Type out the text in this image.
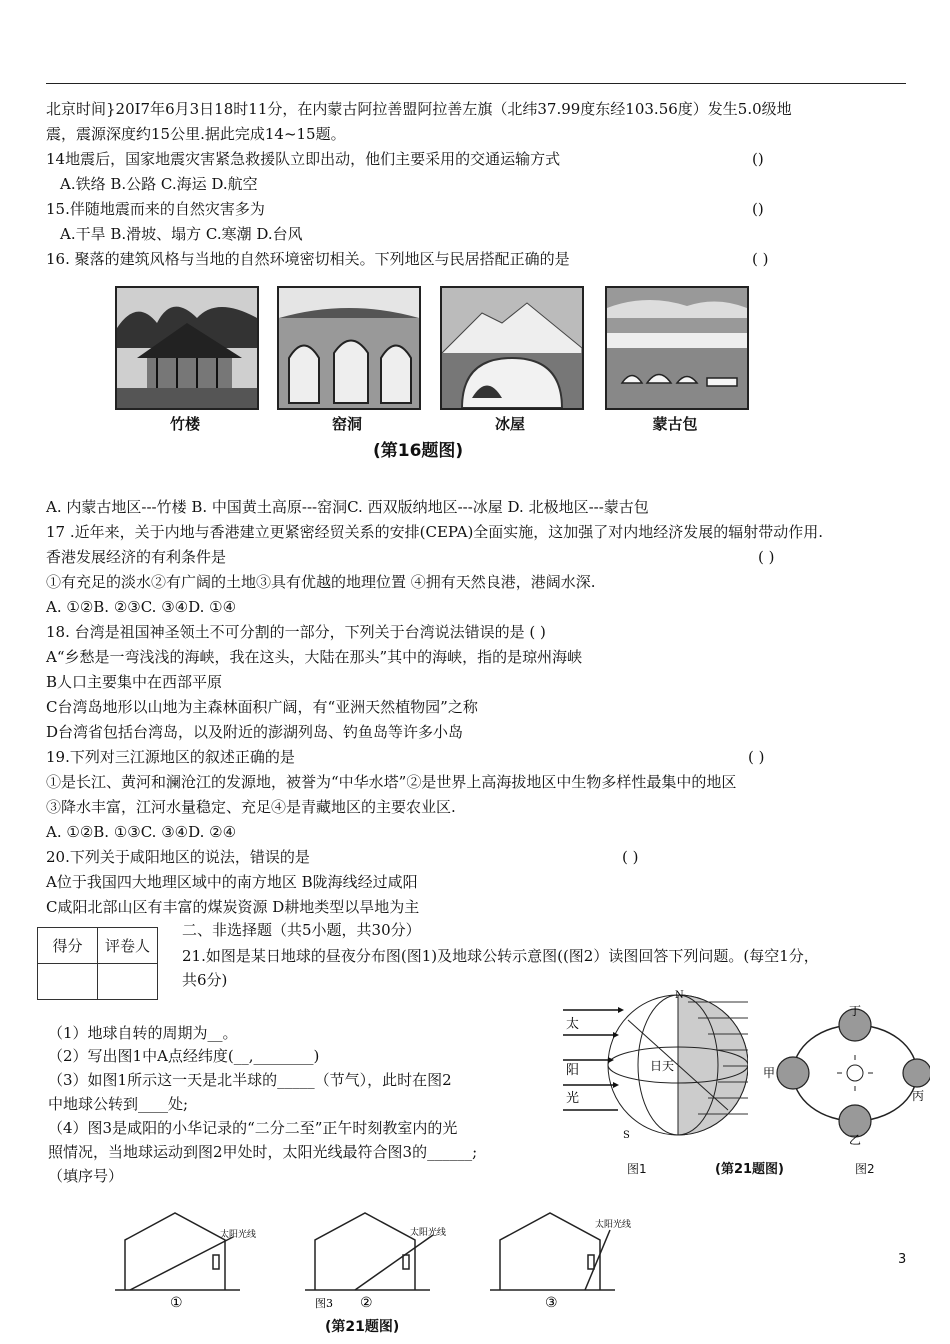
北京时间}20I7年6月3日18时11分，在内蒙古阿拉善盟阿拉善左旗（北纬37.99度东经103.56度）发生5.0级地
震，震源深度约15公里.据此完成14~15题。
14地震后，国家地震灾害紧急救援队立即出动，他们主要采用的交通运输方式	()
A.铁络 B.公路 C.海运 D.航空
15.伴随地震而来的自然灾害多为	()
A.干旱 B.滑坡、塌方 C.寒潮 D.台风
16. 聚落的建筑风格与当地的自然环境密切相关。下列地区与民居搭配正确的是	( )
竹楼	窑洞	冰屋	蒙古包
(第16题图)
A. 内蒙古地区---竹楼 B. 中国黄土高原---窑洞C. 西双版纳地区---冰屋 D. 北极地区---蒙古包
17 .近年来，关于内地与香港建立更紧密经贸关系的安排(CEPA)全面实施，这加强了对内地经济发展的辐射带动作用.
香港发展经济的有利条件是	( )
①有充足的淡水②有广阔的土地③具有优越的地理位置 ④拥有天然良港，港阔水深.
A. ①②B. ②③C. ③④D. ①④
18. 台湾是祖国神圣领土不可分割的一部分，下列关于台湾说法错误的是 ( )
A“乡愁是一弯浅浅的海峡，我在这头，大陆在那头”其中的海峡，指的是琼州海峡
B人口主要集中在西部平原
C台湾岛地形以山地为主森林面积广阔，有“亚洲天然植物园”之称
D台湾省包括台湾岛，以及附近的澎湖列岛、钓鱼岛等许多小岛
19.下列对三江源地区的叙述正确的是	( )
①是长江、黄河和澜沧江的发源地，被誉为“中华水塔”②是世界上高海拔地区中生物多样性最集中的地区
③降水丰富，江河水量稳定、充足④是青藏地区的主要农业区.
A. ①②B. ①③C. ③④D. ②④
20.下列关于咸阳地区的说法，错误的是	( )
A位于我国四大地理区域中的南方地区 B陇海线经过咸阳
C咸阳北部山区有丰富的煤炭资源 D耕地类型以旱地为主
得分	评卷人

二、非选择题（共5小题，共30分）
21.如图是某日地球的昼夜分布图(图1)及地球公转示意图((图2）读图回答下列问题。(每空1分，
共6分)
（1）地球自转的周期为__。
（2）写出图1中A点经纬度(__,________)
（3）如图1所示这一天是北半球的_____（节气），此时在图2
中地球公转到____处;
（4）图3是咸阳的小华记录的“二分二至”正午时刻教室内的光
照情况，当地球运动到图2甲处时，太阳光线最符合图3的______;
（填序号）
太
阳
光
N
S
日天
丁
甲
丙
乙
图1	(第21题图)	图2
太阳光线	太阳光线
太阳光线
①	②	③
图3
(第21题图)
3
